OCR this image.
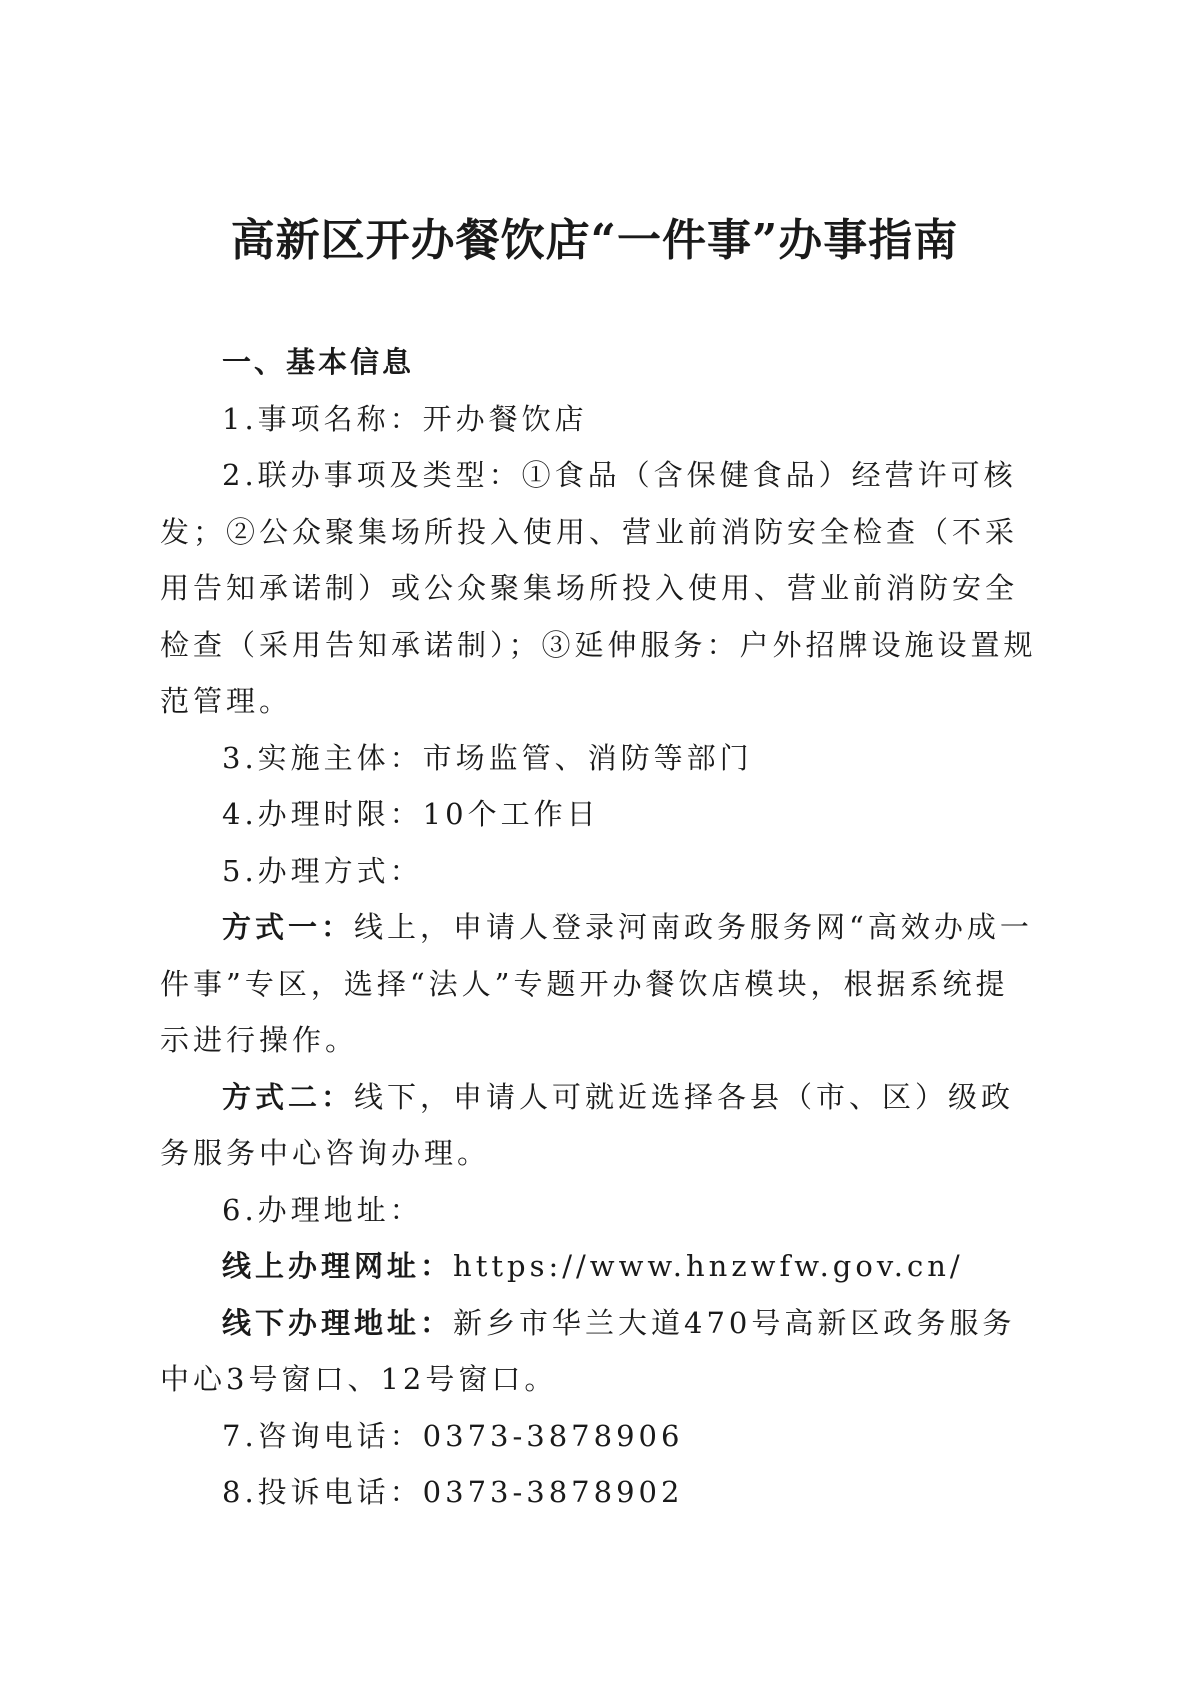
高新区开办餐饮店“一件事”办事指南

一、基本信息

1.事项名称：开办餐饮店

2.联办事项及类型：①食品（含保健食品）经营许可核发；②公众聚集场所投入使用、营业前消防安全检查（不采用告知承诺制）或公众聚集场所投入使用、营业前消防安全检查（采用告知承诺制）；③延伸服务：户外招牌设施设置规范管理。

3.实施主体：市场监管、消防等部门

4.办理时限：10个工作日

5.办理方式：

方式一：线上，申请人登录河南政务服务网“高效办成一件事”专区，选择“法人”专题开办餐饮店模块，根据系统提示进行操作。

方式二：线下，申请人可就近选择各县（市、区）级政务服务中心咨询办理。

6.办理地址：

线上办理网址：https://www.hnzwfw.gov.cn/

线下办理地址：新乡市华兰大道470号高新区政务服务中心3号窗口、12号窗口。

7.咨询电话：0373-3878906

8.投诉电话：0373-3878902
